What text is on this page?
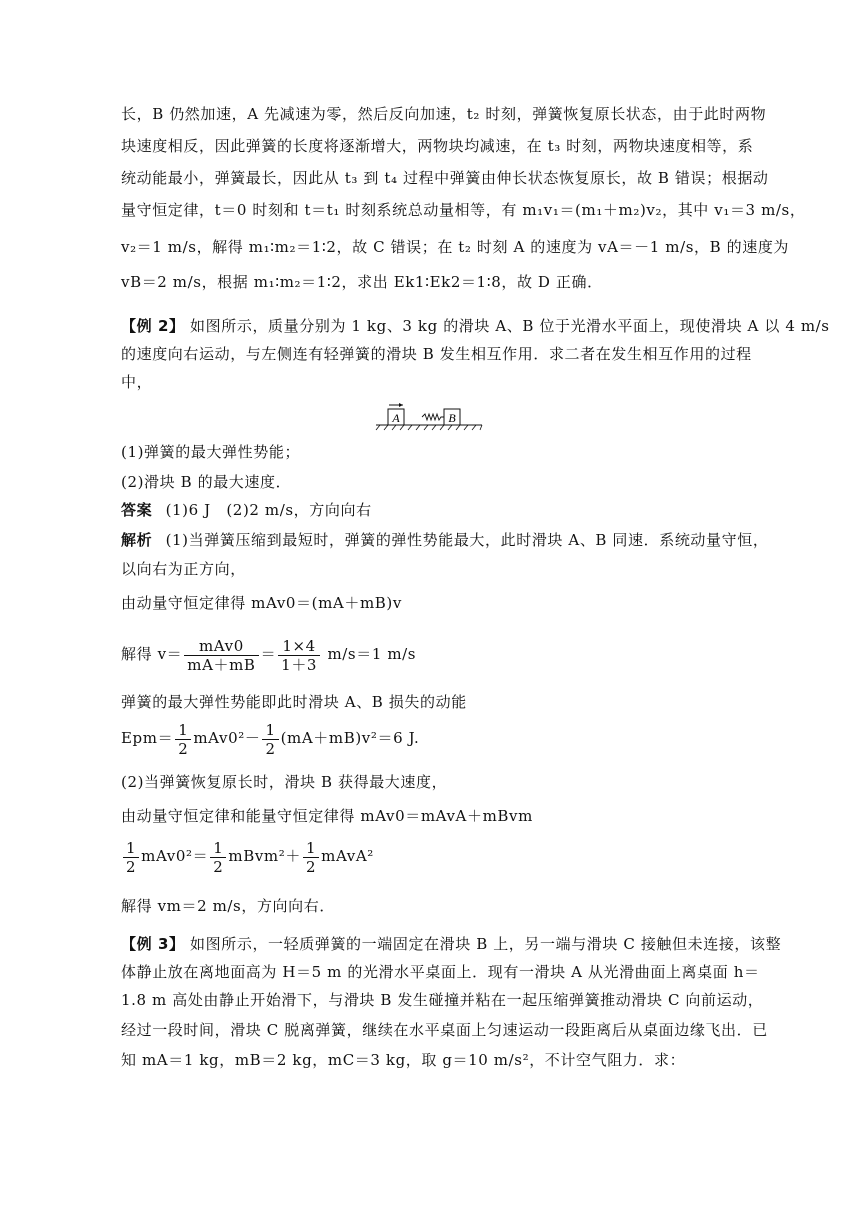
长，B 仍然加速，A 先减速为零，然后反向加速，t₂ 时刻，弹簧恢复原长状态，由于此时两物
块速度相反，因此弹簧的长度将逐渐增大，两物块均减速，在 t₃ 时刻，两物块速度相等，系
统动能最小，弹簧最长，因此从 t₃ 到 t₄ 过程中弹簧由伸长状态恢复原长，故 B 错误；根据动
量守恒定律，t＝0 时刻和 t＝t₁ 时刻系统总动量相等，有 m₁v₁＝(m₁＋m₂)v₂，其中 v₁＝3 m/s，
v₂＝1 m/s，解得 m₁∶m₂＝1∶2，故 C 错误；在 t₂ 时刻 A 的速度为 vA＝－1 m/s，B 的速度为
vB＝2 m/s，根据 m₁∶m₂＝1∶2，求出 Ek1∶Ek2＝1∶8，故 D 正确．
【例 2】 如图所示，质量分别为 1 kg、3 kg 的滑块 A、B 位于光滑水平面上，现使滑块 A 以 4 m/s
的速度向右运动，与左侧连有轻弹簧的滑块 B 发生相互作用．求二者在发生相互作用的过程
中，
A	B
(1)弹簧的最大弹性势能；
(2)滑块 B 的最大速度．
答案 (1)6 J　(2)2 m/s，方向向右
解析 (1)当弹簧压缩到最短时，弹簧的弹性势能最大，此时滑块 A、B 同速．系统动量守恒，
以向右为正方向，
由动量守恒定律得 mAv0＝(mA＋mB)v
解得 $v= \frac{\text{mAv0}}{mA+mB} = \frac{1\times 4}{1+3} m/s=1$ m/s
弹簧的最大弹性势能即此时滑块 A、B 损失的动能
$Epm= \frac{1}{2} mAv0^2- \frac{1}{2} (mA+mB)v^2=6$ J.
(2)当弹簧恢复原长时，滑块 B 获得最大速度，
由动量守恒定律和能量守恒定律得 mAv0＝mAvA＋mBvm
$\frac{1}{2} mAv0^2= \frac{1}{2}$ mBvm²＋ $\frac{1}{2}$ mAvA²
解得 vm＝2 m/s，方向向右．
【例 3】 如图所示，一轻质弹簧的一端固定在滑块 B 上，另一端与滑块 C 接触但未连接，该整
体静止放在离地面高为 H＝5 m 的光滑水平桌面上．现有一滑块 A 从光滑曲面上离桌面 h＝
1.8 m 高处由静止开始滑下，与滑块 B 发生碰撞并粘在一起压缩弹簧推动滑块 C 向前运动，
经过一段时间，滑块 C 脱离弹簧，继续在水平桌面上匀速运动一段距离后从桌面边缘飞出．已
知 mA＝1 kg，mB＝2 kg，mC＝3 kg，取 g＝10 m/s²，不计空气阻力．求：
